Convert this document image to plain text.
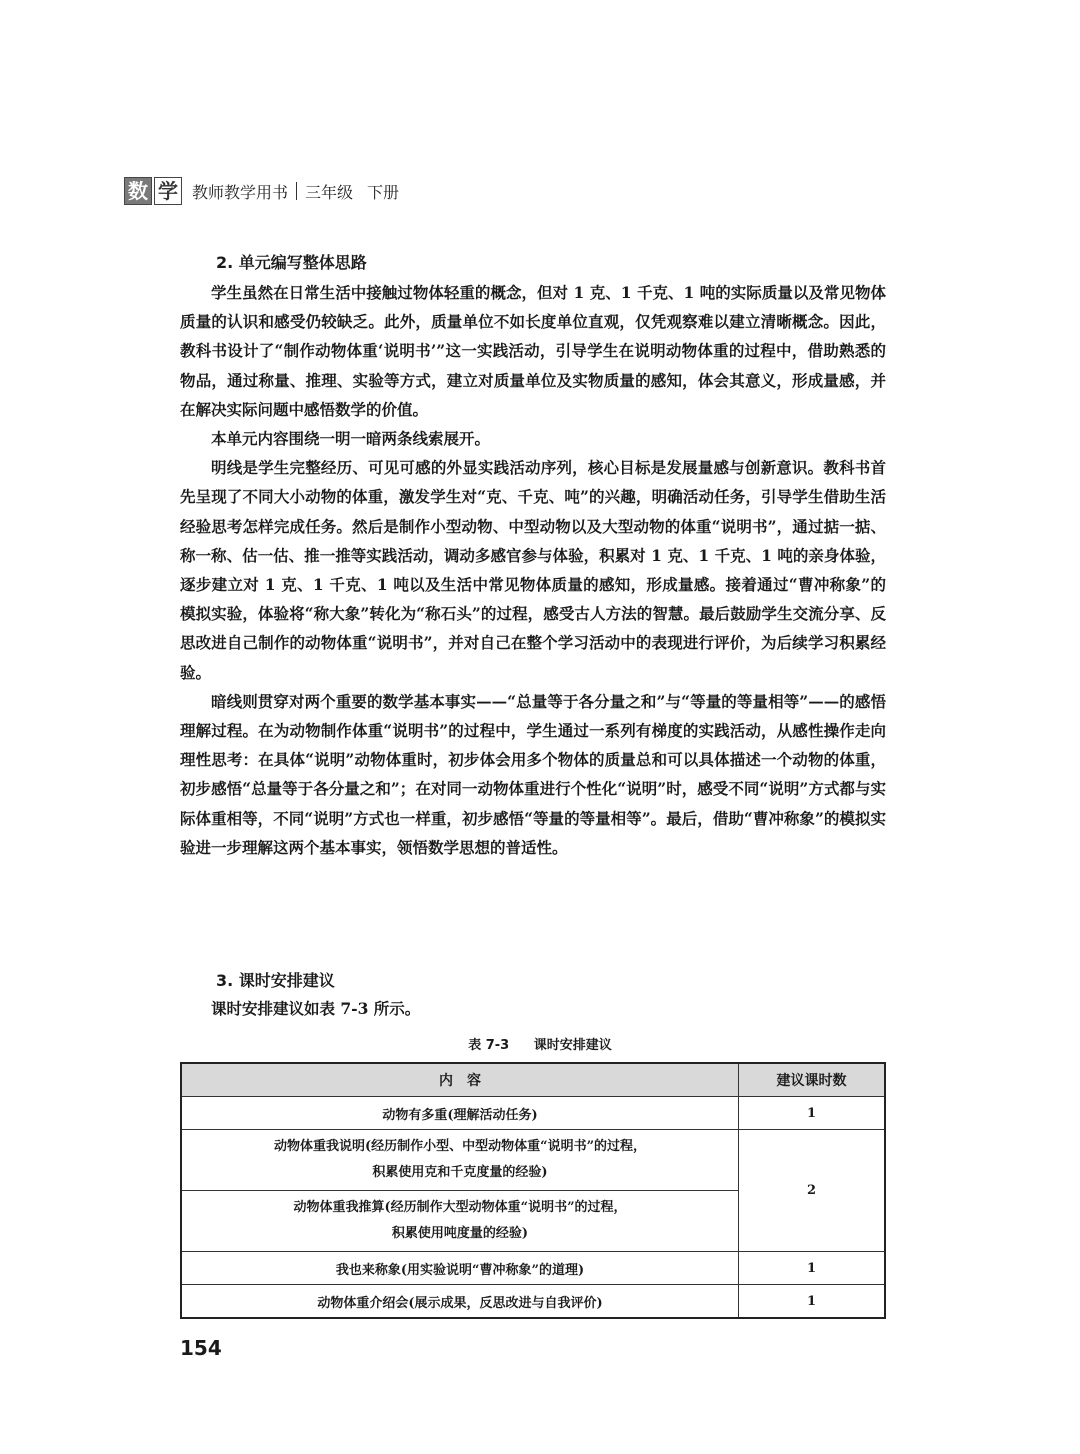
数 学 教师教学用书 三年级 下册
2. 单元编写整体思路

学生虽然在日常生活中接触过物体轻重的概念，但对 1 克、1 千克、1 吨的实际质量以及常见物体质量的认识和感受仍较缺乏。此外，质量单位不如长度单位直观，仅凭观察难以建立清晰概念。因此，教科书设计了“制作动物体重‘说明书’”这一实践活动，引导学生在说明动物体重的过程中，借助熟悉的物品，通过称量、推理、实验等方式，建立对质量单位及实物质量的感知，体会其意义，形成量感，并在解决实际问题中感悟数学的价值。

本单元内容围绕一明一暗两条线索展开。

明线是学生完整经历、可见可感的外显实践活动序列，核心目标是发展量感与创新意识。教科书首先呈现了不同大小动物的体重，激发学生对“克、千克、吨”的兴趣，明确活动任务，引导学生借助生活经验思考怎样完成任务。然后是制作小型动物、中型动物以及大型动物的体重“说明书”，通过掂一掂、称一称、估一估、推一推等实践活动，调动多感官参与体验，积累对 1 克、1 千克、1 吨的亲身体验，逐步建立对 1 克、1 千克、1 吨以及生活中常见物体质量的感知，形成量感。接着通过“曹冲称象”的模拟实验，体验将“称大象”转化为“称石头”的过程，感受古人方法的智慧。最后鼓励学生交流分享、反思改进自己制作的动物体重“说明书”，并对自己在整个学习活动中的表现进行评价，为后续学习积累经验。

暗线则贯穿对两个重要的数学基本事实——“总量等于各分量之和”与“等量的等量相等”——的感悟理解过程。在为动物制作体重“说明书”的过程中，学生通过一系列有梯度的实践活动，从感性操作走向理性思考：在具体“说明”动物体重时，初步体会用多个物体的质量总和可以具体描述一个动物的体重，初步感悟“总量等于各分量之和”；在对同一动物体重进行个性化“说明”时，感受不同“说明”方式都与实际体重相等，不同“说明”方式也一样重，初步感悟“等量的等量相等”。最后，借助“曹冲称象”的模拟实验进一步理解这两个基本事实，领悟数学思想的普适性。

3. 课时安排建议

课时安排建议如表 7-3 所示。

表 7-3 课时安排建议
内　容	建议课时数
动物有多重(理解活动任务)	1

动物体重我说明(经历制作小型、中型动物体重“说明书”的过程，
积累使用克和千克度量的经验)	2

动物体重我推算(经历制作大型动物体重“说明书”的过程，
积累使用吨度量的经验)	

我也来称象(用实验说明“曹冲称象”的道理)	1
动物体重介绍会(展示成果，反思改进与自我评价)	1
154
